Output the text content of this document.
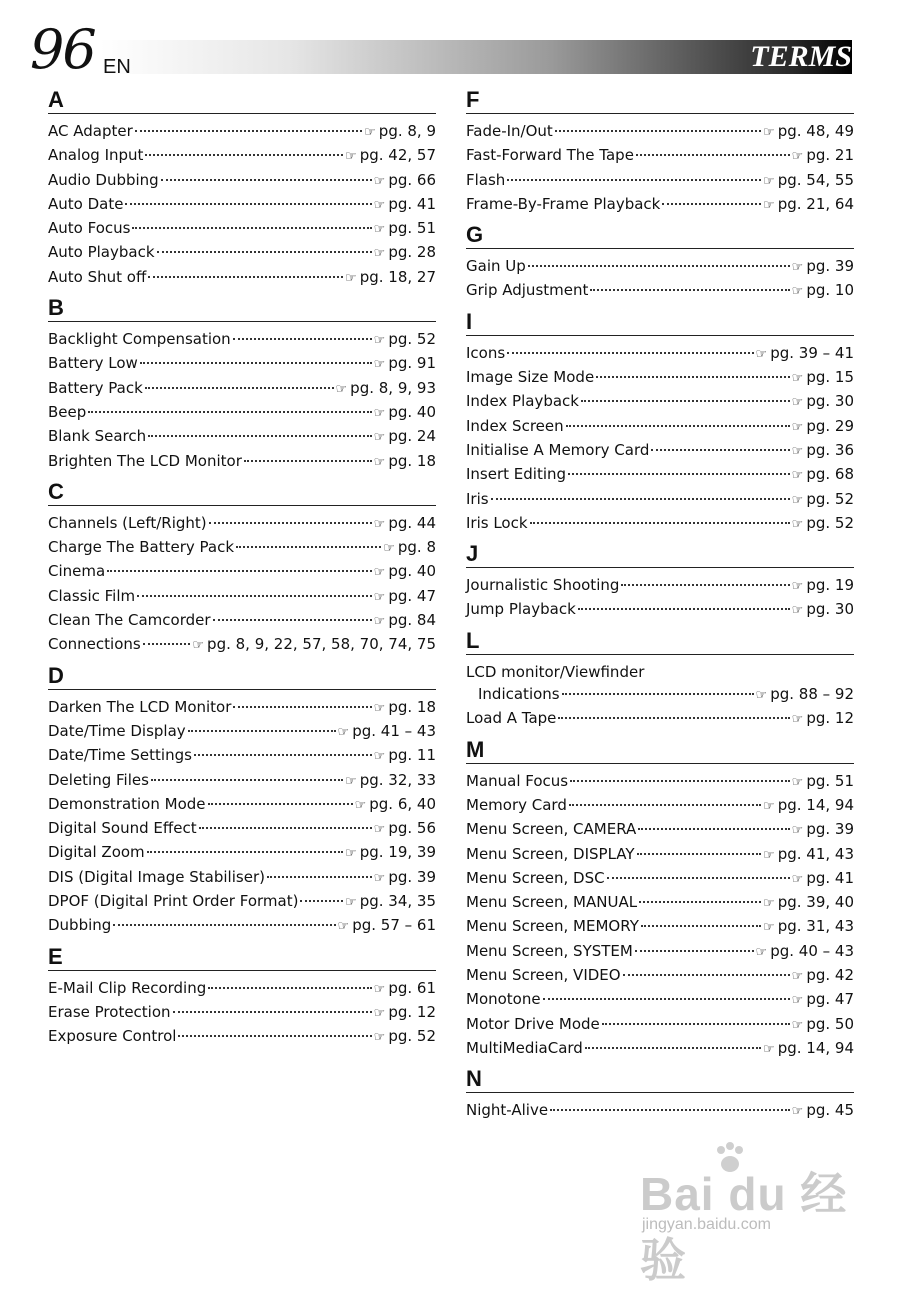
96 EN	TERMS
A
AC Adapter	☞ pg. 8, 9
Analog Input	☞ pg. 42, 57
Audio Dubbing	☞ pg. 66
Auto Date	☞ pg. 41
Auto Focus	☞ pg. 51
Auto Playback	☞ pg. 28
Auto Shut off	☞ pg. 18, 27
B
Backlight Compensation	☞ pg. 52
Battery Low	☞ pg. 91
Battery Pack	☞ pg. 8, 9, 93
Beep	☞ pg. 40
Blank Search	☞ pg. 24
Brighten The LCD Monitor	☞ pg. 18
C
Channels (Left/Right)	☞ pg. 44
Charge The Battery Pack	☞ pg. 8
Cinema	☞ pg. 40
Classic Film	☞ pg. 47
Clean The Camcorder	☞ pg. 84
Connections	☞ pg. 8, 9, 22, 57, 58, 70, 74, 75
D
Darken The LCD Monitor	☞ pg. 18
Date/Time Display	☞ pg. 41 – 43
Date/Time Settings	☞ pg. 11
Deleting Files	☞ pg. 32, 33
Demonstration Mode	☞ pg. 6, 40
Digital Sound Effect	☞ pg. 56
Digital Zoom	☞ pg. 19, 39
DIS (Digital Image Stabiliser)	☞ pg. 39
DPOF (Digital Print Order Format)	☞ pg. 34, 35
Dubbing	☞ pg. 57 – 61
E
E-Mail Clip Recording	☞ pg. 61
Erase Protection	☞ pg. 12
Exposure Control	☞ pg. 52
F
Fade-In/Out	☞ pg. 48, 49
Fast-Forward The Tape	☞ pg. 21
Flash	☞ pg. 54, 55
Frame-By-Frame Playback	☞ pg. 21, 64
G
Gain Up	☞ pg. 39
Grip Adjustment	☞ pg. 10
I
Icons	☞ pg. 39 – 41
Image Size Mode	☞ pg. 15
Index Playback	☞ pg. 30
Index Screen	☞ pg. 29
Initialise A Memory Card	☞ pg. 36
Insert Editing	☞ pg. 68
Iris	☞ pg. 52
Iris Lock	☞ pg. 52
J
Journalistic Shooting	☞ pg. 19
Jump Playback	☞ pg. 30
L
LCD monitor/Viewfinder
Indications	☞ pg. 88 – 92
Load A Tape	☞ pg. 12
M
Manual Focus	☞ pg. 51
Memory Card	☞ pg. 14, 94
Menu Screen, CAMERA	☞ pg. 39
Menu Screen, DISPLAY	☞ pg. 41, 43
Menu Screen, DSC	☞ pg. 41
Menu Screen, MANUAL	☞ pg. 39, 40
Menu Screen, MEMORY	☞ pg. 31, 43
Menu Screen, SYSTEM	☞ pg. 40 – 43
Menu Screen, VIDEO	☞ pg. 42
Monotone	☞ pg. 47
Motor Drive Mode	☞ pg. 50
MultiMediaCard	☞ pg. 14, 94
N
Night-Alive	☞ pg. 45
Bai du 经验
jingyan.baidu.com
